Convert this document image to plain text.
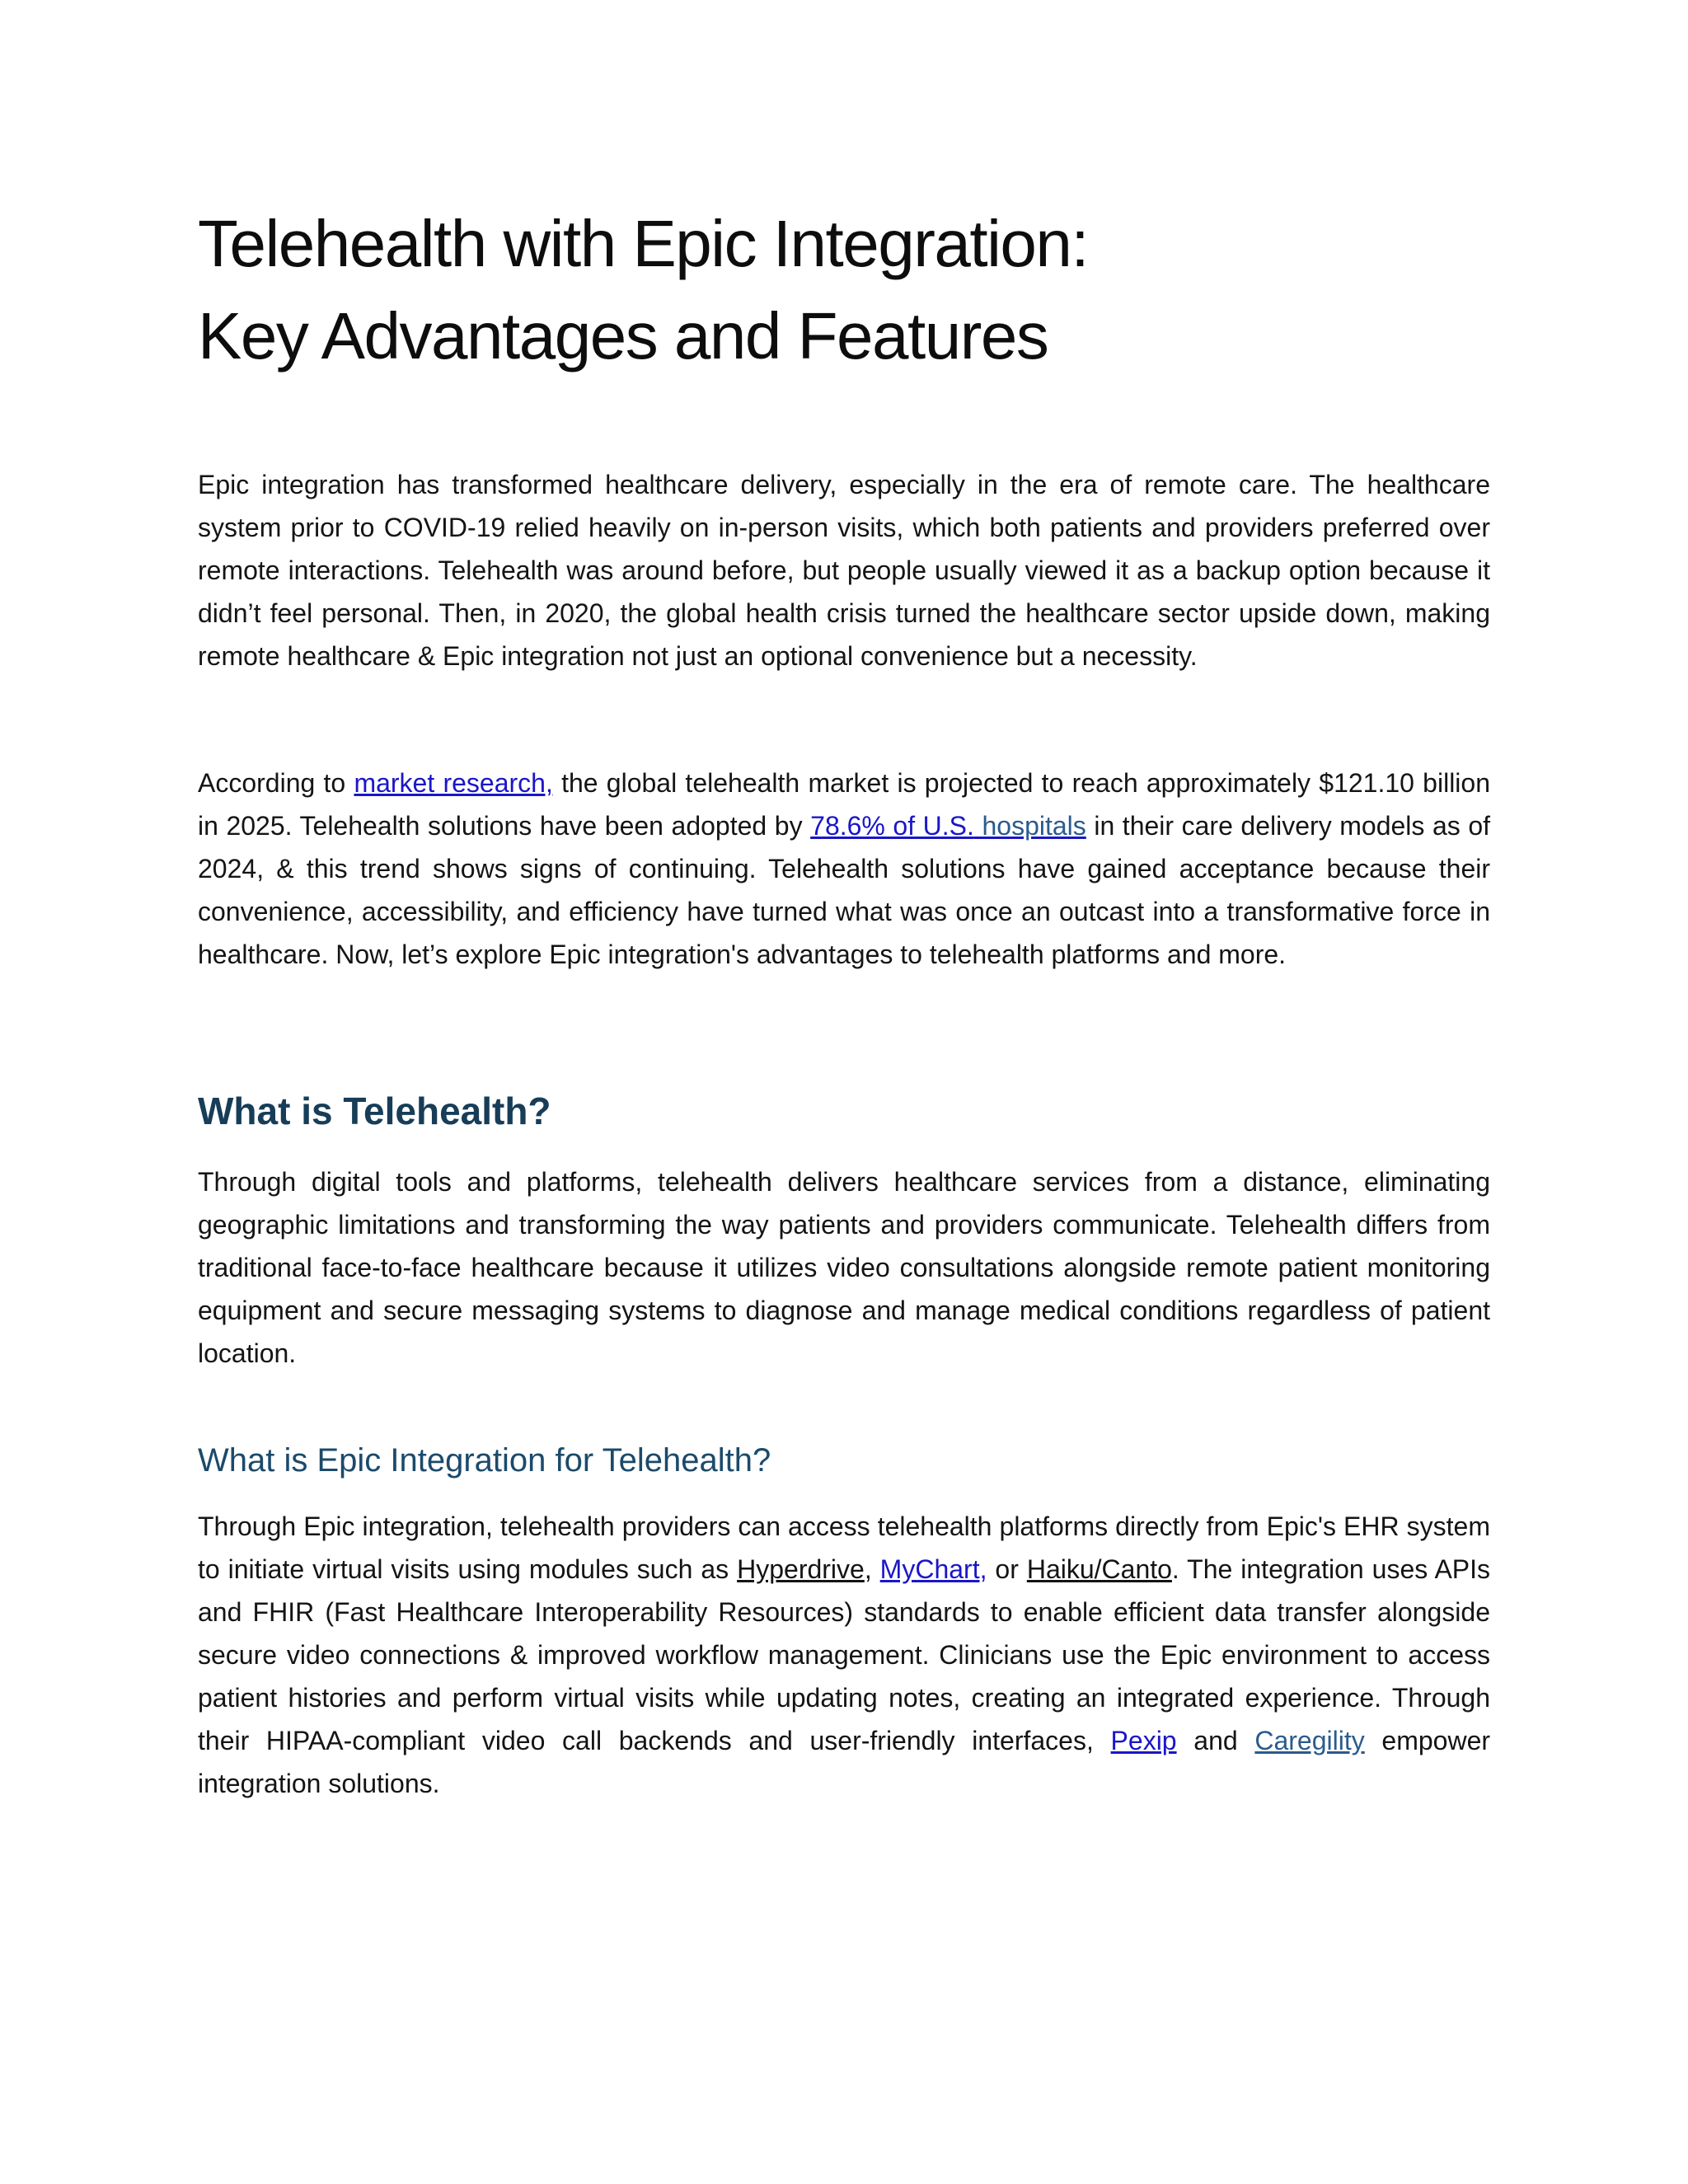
Telehealth with Epic Integration:
Key Advantages and Features

Epic integration has transformed healthcare delivery, especially in the era of remote care. The healthcare system prior to COVID-19 relied heavily on in-person visits, which both patients and providers preferred over remote interactions. Telehealth was around before, but people usually viewed it as a backup option because it didn’t feel personal. Then, in 2020, the global health crisis turned the healthcare sector upside down, making remote healthcare & Epic integration not just an optional convenience but a necessity.

According to market research, the global telehealth market is projected to reach approximately $121.10 billion in 2025. Telehealth solutions have been adopted by 78.6% of U.S. hospitals in their care delivery models as of 2024, & this trend shows signs of continuing. Telehealth solutions have gained acceptance because their convenience, accessibility, and efficiency have turned what was once an outcast into a transformative force in healthcare. Now, let’s explore Epic integration's advantages to telehealth platforms and more.

What is Telehealth?

Through digital tools and platforms, telehealth delivers healthcare services from a distance, eliminating geographic limitations and transforming the way patients and providers communicate. Telehealth differs from traditional face-to-face healthcare because it utilizes video consultations alongside remote patient monitoring equipment and secure messaging systems to diagnose and manage medical conditions regardless of patient location.

What is Epic Integration for Telehealth?

Through Epic integration, telehealth providers can access telehealth platforms directly from Epic's EHR system to initiate virtual visits using modules such as Hyperdrive, MyChart, or Haiku/Canto. The integration uses APIs and FHIR (Fast Healthcare Interoperability Resources) standards to enable efficient data transfer alongside secure video connections & improved workflow management. Clinicians use the Epic environment to access patient histories and perform virtual visits while updating notes, creating an integrated experience. Through their HIPAA-compliant video call backends and user-friendly interfaces, Pexip and Caregility empower integration solutions.
